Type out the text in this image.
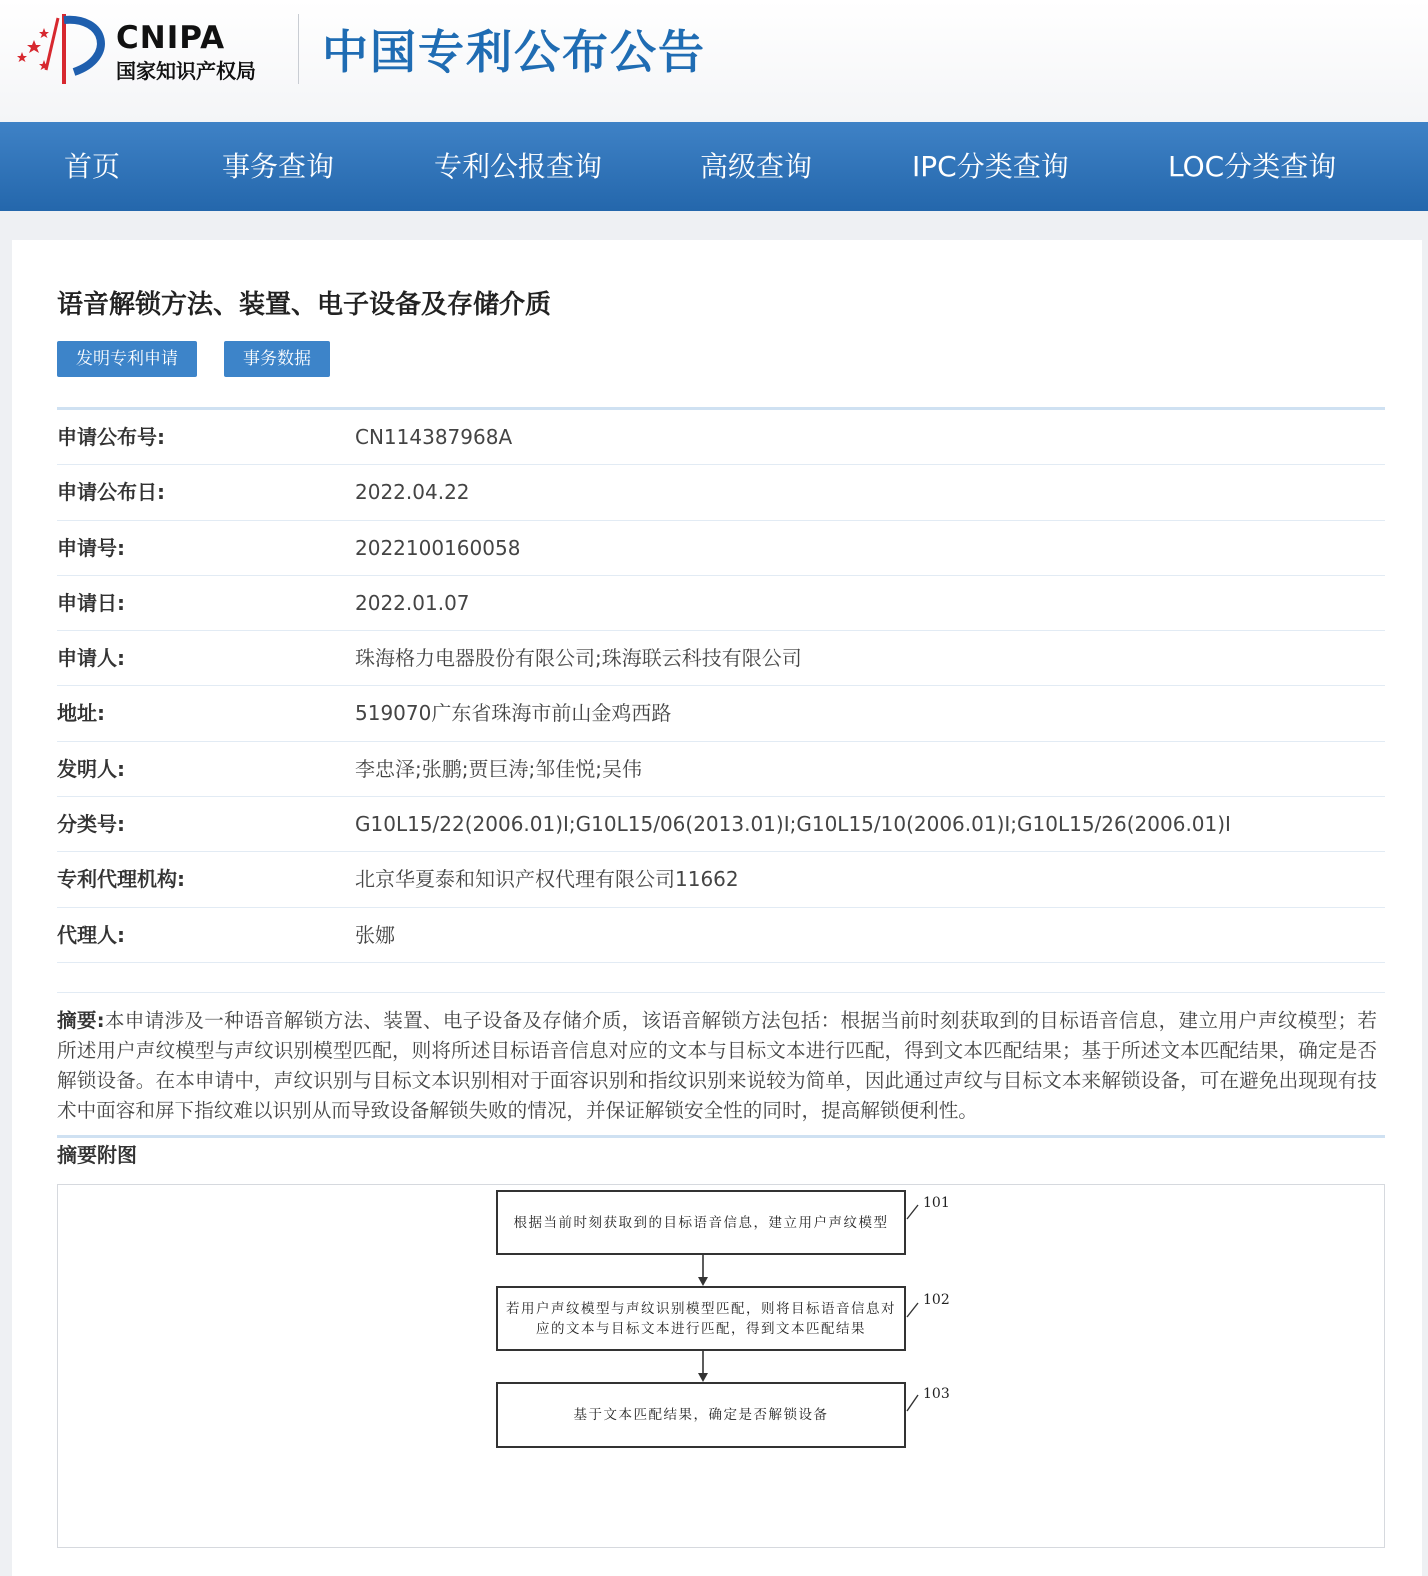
CNIPA
国家知识产权局 中国专利公布公告
首页	事务查询	专利公报查询	高级查询	IPC分类查询	LOC分类查询
语音解锁方法、装置、电子设备及存储介质
发明专利申请	事务数据
申请公布号:	CN114387968A
申请公布日:	2022.04.22
申请号:	2022100160058
申请日:	2022.01.07
申请人:	珠海格力电器股份有限公司;珠海联云科技有限公司
地址:	519070广东省珠海市前山金鸡西路
发明人:	李忠泽;张鹏;贾巨涛;邹佳悦;吴伟
分类号:	G10L15/22(2006.01)I;G10L15/06(2013.01)I;G10L15/10(2006.01)I;G10L15/26(2006.01)I
专利代理机构:	北京华夏泰和知识产权代理有限公司11662
代理人:	张娜
摘要:本申请涉及一种语音解锁方法、装置、电子设备及存储介质，该语音解锁方法包括：根据当前时刻获取到的目标语音信息，建立用户声纹模型；若所述用户声纹模型与声纹识别模型匹配，则将所述目标语音信息对应的文本与目标文本进行匹配，得到文本匹配结果；基于所述文本匹配结果，确定是否解锁设备。在本申请中，声纹识别与目标文本识别相对于面容识别和指纹识别来说较为简单，因此通过声纹与目标文本来解锁设备，可在避免出现现有技术中面容和屏下指纹难以识别从而导致设备解锁失败的情况，并保证解锁安全性的同时，提高解锁便利性。
摘要附图
根据当前时刻获取到的目标语音信息，建立用户声纹模型
101
若用户声纹模型与声纹识别模型匹配，则将目标语音信息对应的文本与目标文本进行匹配，得到文本匹配结果
102
基于文本匹配结果，确定是否解锁设备
103
